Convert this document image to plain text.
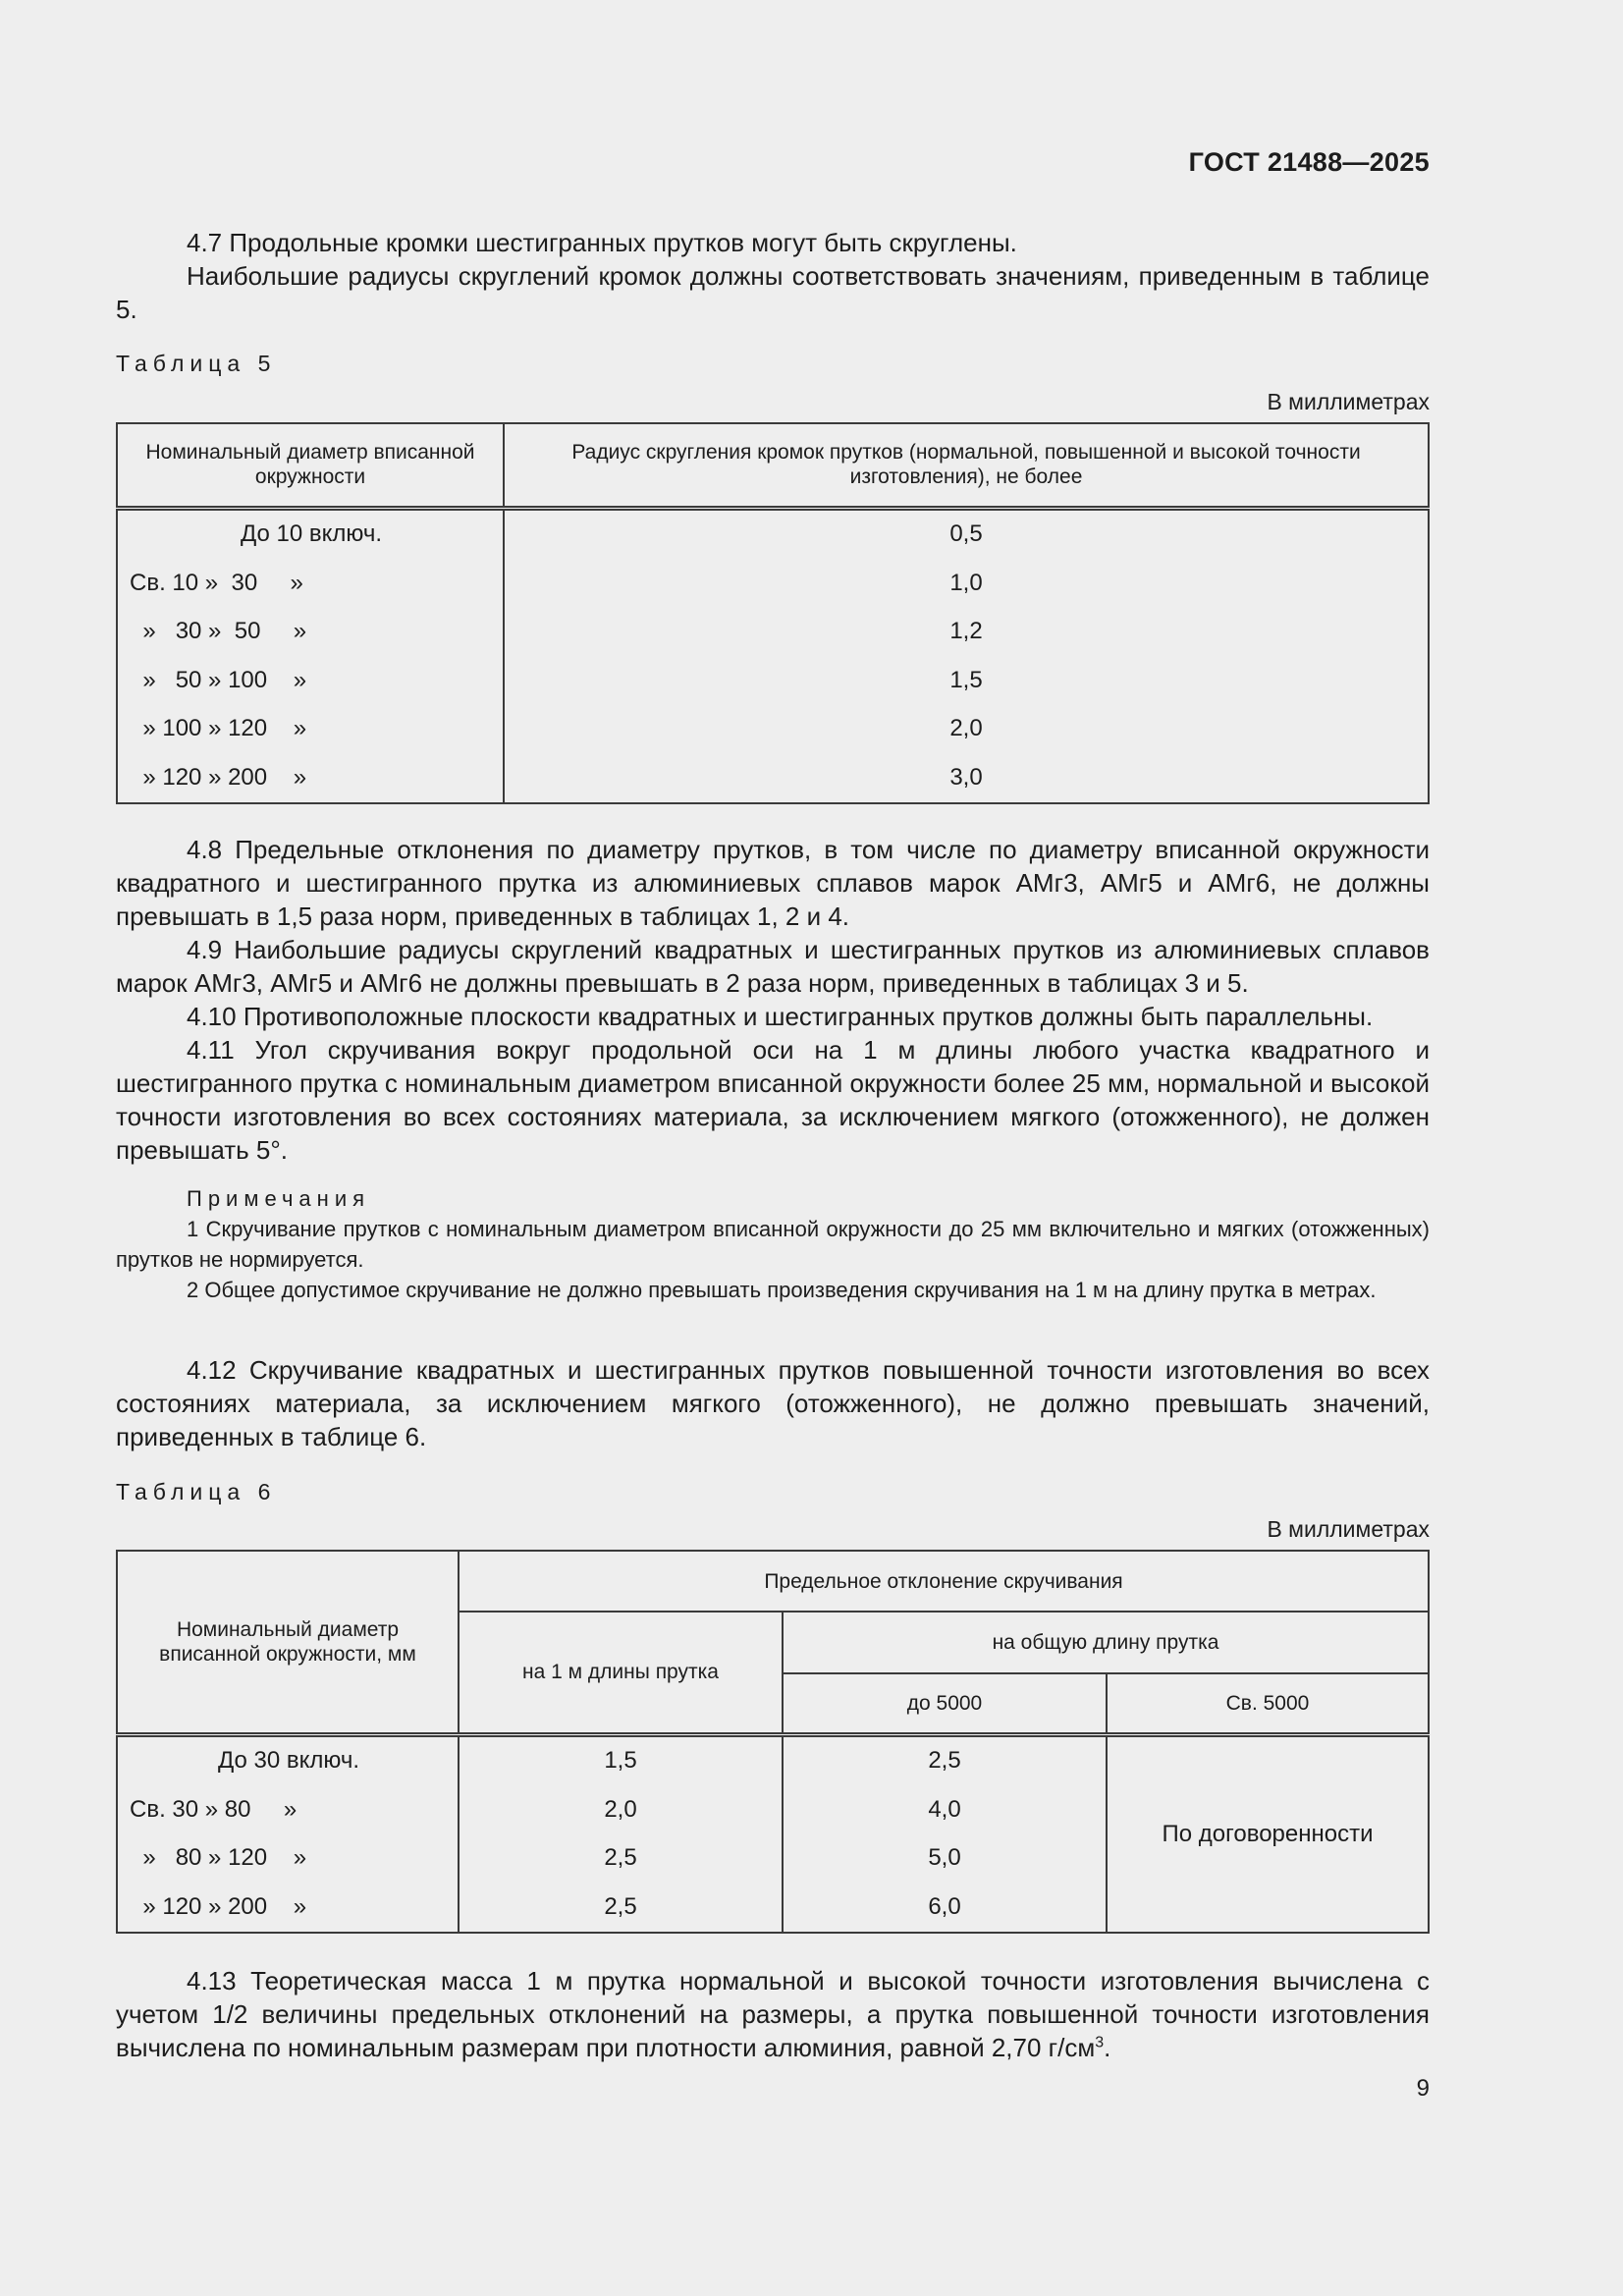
ГОСТ 21488—2025

4.7 Продольные кромки шестигранных прутков могут быть скруглены.

Наибольшие радиусы скруглений кромок должны соответствовать значениям, приведенным в таблице 5.

Таблица 5

В миллиметрах

Номинальный диаметр вписанной окружности	Радиус скругления кромок прутков (нормальной, повышенной и высокой точности изготовления), не более
До 10 включ.	0,5
Св. 10 »  30     »	1,0
»   30 »  50     »	1,2
»   50 » 100    »	1,5
» 100 » 120    »	2,0
» 120 » 200    »	3,0

4.8 Предельные отклонения по диаметру прутков, в том числе по диаметру вписанной окружности квадратного и шестигранного прутка из алюминиевых сплавов марок АМг3, АМг5 и АМг6, не должны превышать в 1,5 раза норм, приведенных в таблицах 1, 2 и 4.

4.9 Наибольшие радиусы скруглений квадратных и шестигранных прутков из алюминиевых сплавов марок АМг3, АМг5 и АМг6 не должны превышать в 2 раза норм, приведенных в таблицах 3 и 5.

4.10 Противоположные плоскости квадратных и шестигранных прутков должны быть параллельны.

4.11 Угол скручивания вокруг продольной оси на 1 м длины любого участка квадратного и шестигранного прутка с номинальным диаметром вписанной окружности более 25 мм, нормальной и высокой точности изготовления во всех состояниях материала, за исключением мягкого (отожженного), не должен превышать 5°.

Примечания

1 Скручивание прутков с номинальным диаметром вписанной окружности до 25 мм включительно и мягких (отожженных) прутков не нормируется.

2 Общее допустимое скручивание не должно превышать произведения скручивания на 1 м на длину прутка в метрах.

4.12 Скручивание квадратных и шестигранных прутков повышенной точности изготовления во всех состояниях материала, за исключением мягкого (отожженного), не должно превышать значений, приведенных в таблице 6.

Таблица 6

В миллиметрах

Номинальный диаметр вписанной окружности, мм	Предельное отклонение скручивания		
	на 1 м длины прутка	на общую длину прутка	
		до 5000	Св. 5000
До 30 включ.	1,5	2,5	По договоренности
Св. 30 » 80     »	2,0	4,0	
»   80 » 120    »	2,5	5,0	
» 120 » 200    »	2,5	6,0	

4.13 Теоретическая масса 1 м прутка нормальной и высокой точности изготовления вычислена с учетом 1/2 величины предельных отклонений на размеры, а прутка повышенной точности изготовления вычислена по номинальным размерам при плотности алюминия, равной 2,70 $г/см^3$.

9
